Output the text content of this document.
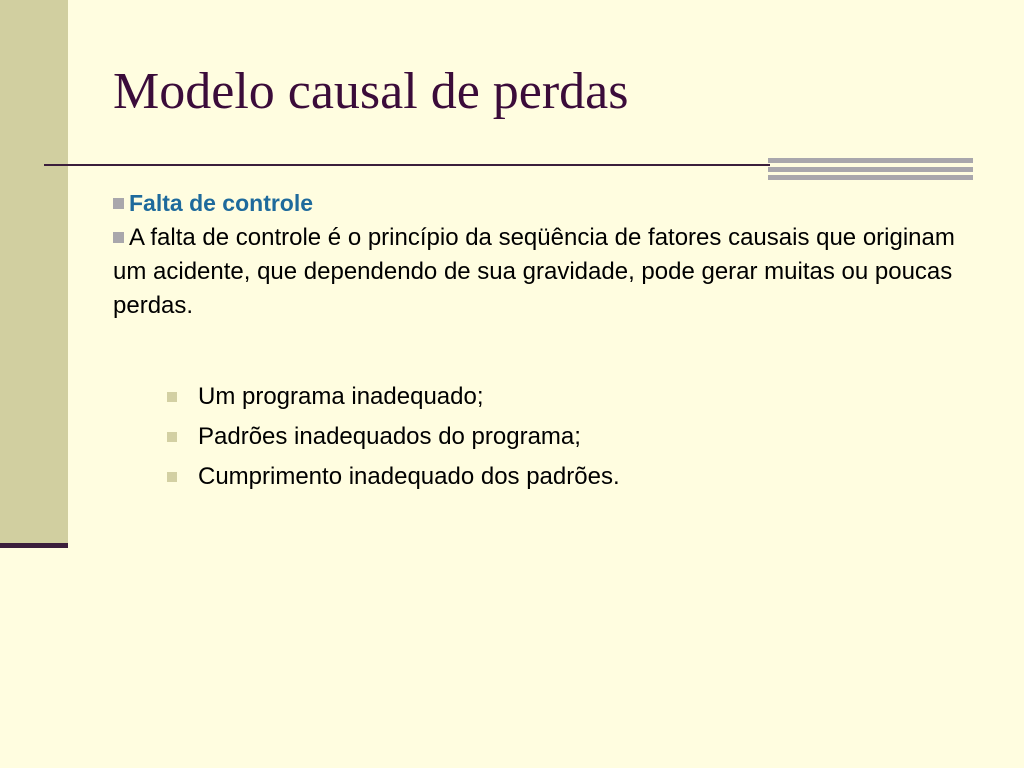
Modelo causal de perdas

Falta de controle

A falta de controle é o princípio da seqüência de fatores causais que originam um acidente, que dependendo de sua gravidade, pode gerar muitas ou poucas perdas.

Um programa inadequado;
Padrões inadequados do programa;
Cumprimento inadequado dos padrões.
